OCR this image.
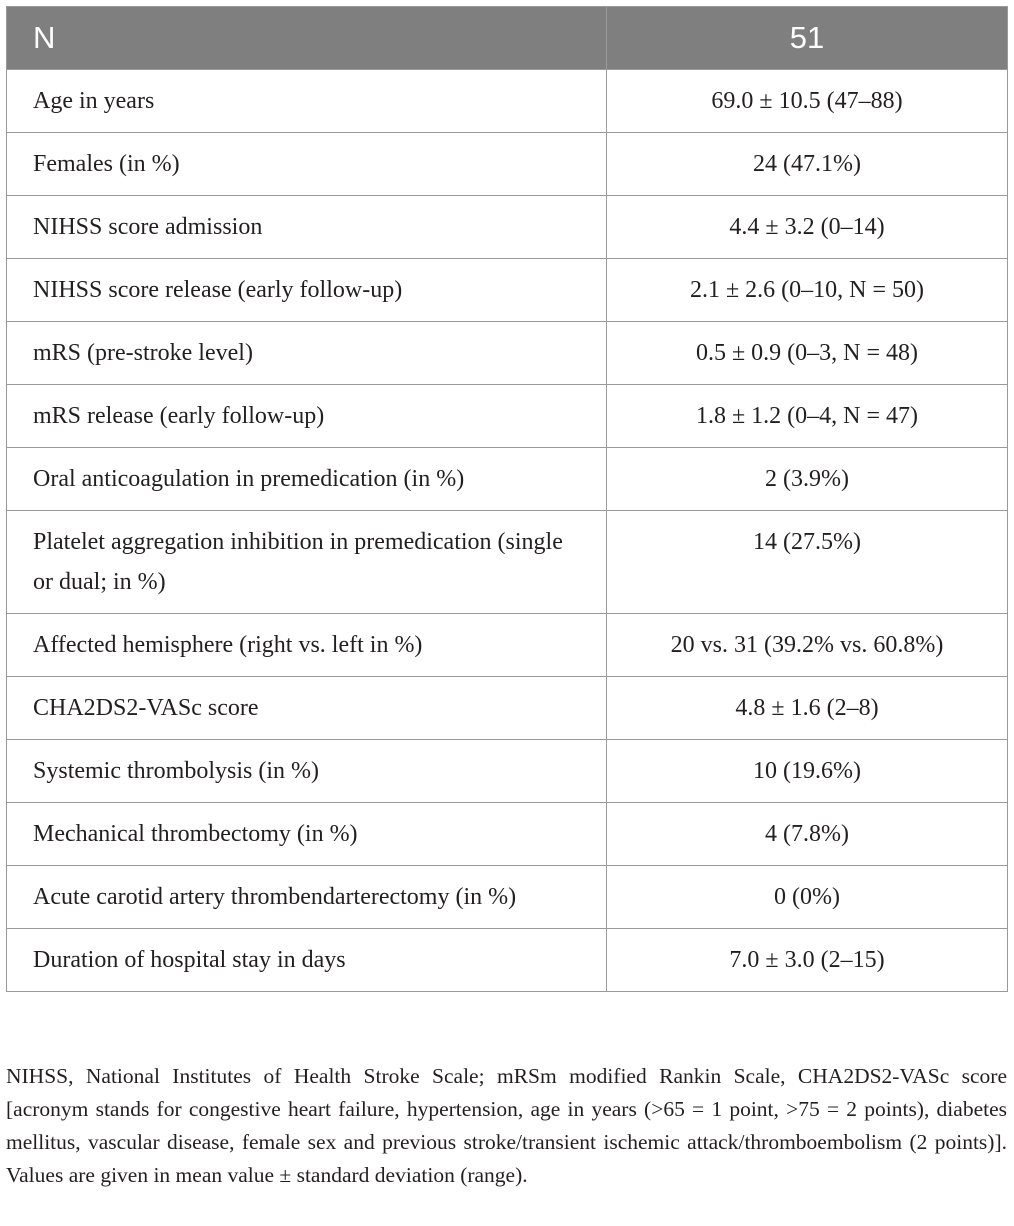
N	51
Age in years	69.0 ± 10.5 (47–88)
Females (in %)	24 (47.1%)
NIHSS score admission	4.4 ± 3.2 (0–14)
NIHSS score release (early follow-up)	2.1 ± 2.6 (0–10, N = 50)
mRS (pre-stroke level)	0.5 ± 0.9 (0–3, N = 48)
mRS release (early follow-up)	1.8 ± 1.2 (0–4, N = 47)
Oral anticoagulation in premedication (in %)	2 (3.9%)
Platelet aggregation inhibition in premedication (single or dual; in %)	14 (27.5%)
Affected hemisphere (right vs. left in %)	20 vs. 31 (39.2% vs. 60.8%)
CHA2DS2-VASc score	4.8 ± 1.6 (2–8)
Systemic thrombolysis (in %)	10 (19.6%)
Mechanical thrombectomy (in %)	4 (7.8%)
Acute carotid artery thrombendarterectomy (in %)	0 (0%)
Duration of hospital stay in days	7.0 ± 3.0 (2–15)

NIHSS, National Institutes of Health Stroke Scale; mRSm modified Rankin Scale, CHA2DS2-VASc score [acronym stands for congestive heart failure, hypertension, age in years (>65 = 1 point, >75 = 2 points), diabetes mellitus, vascular disease, female sex and previous stroke/transient ischemic attack/thromboembolism (2 points)]. Values are given in mean value ± standard deviation (range).
